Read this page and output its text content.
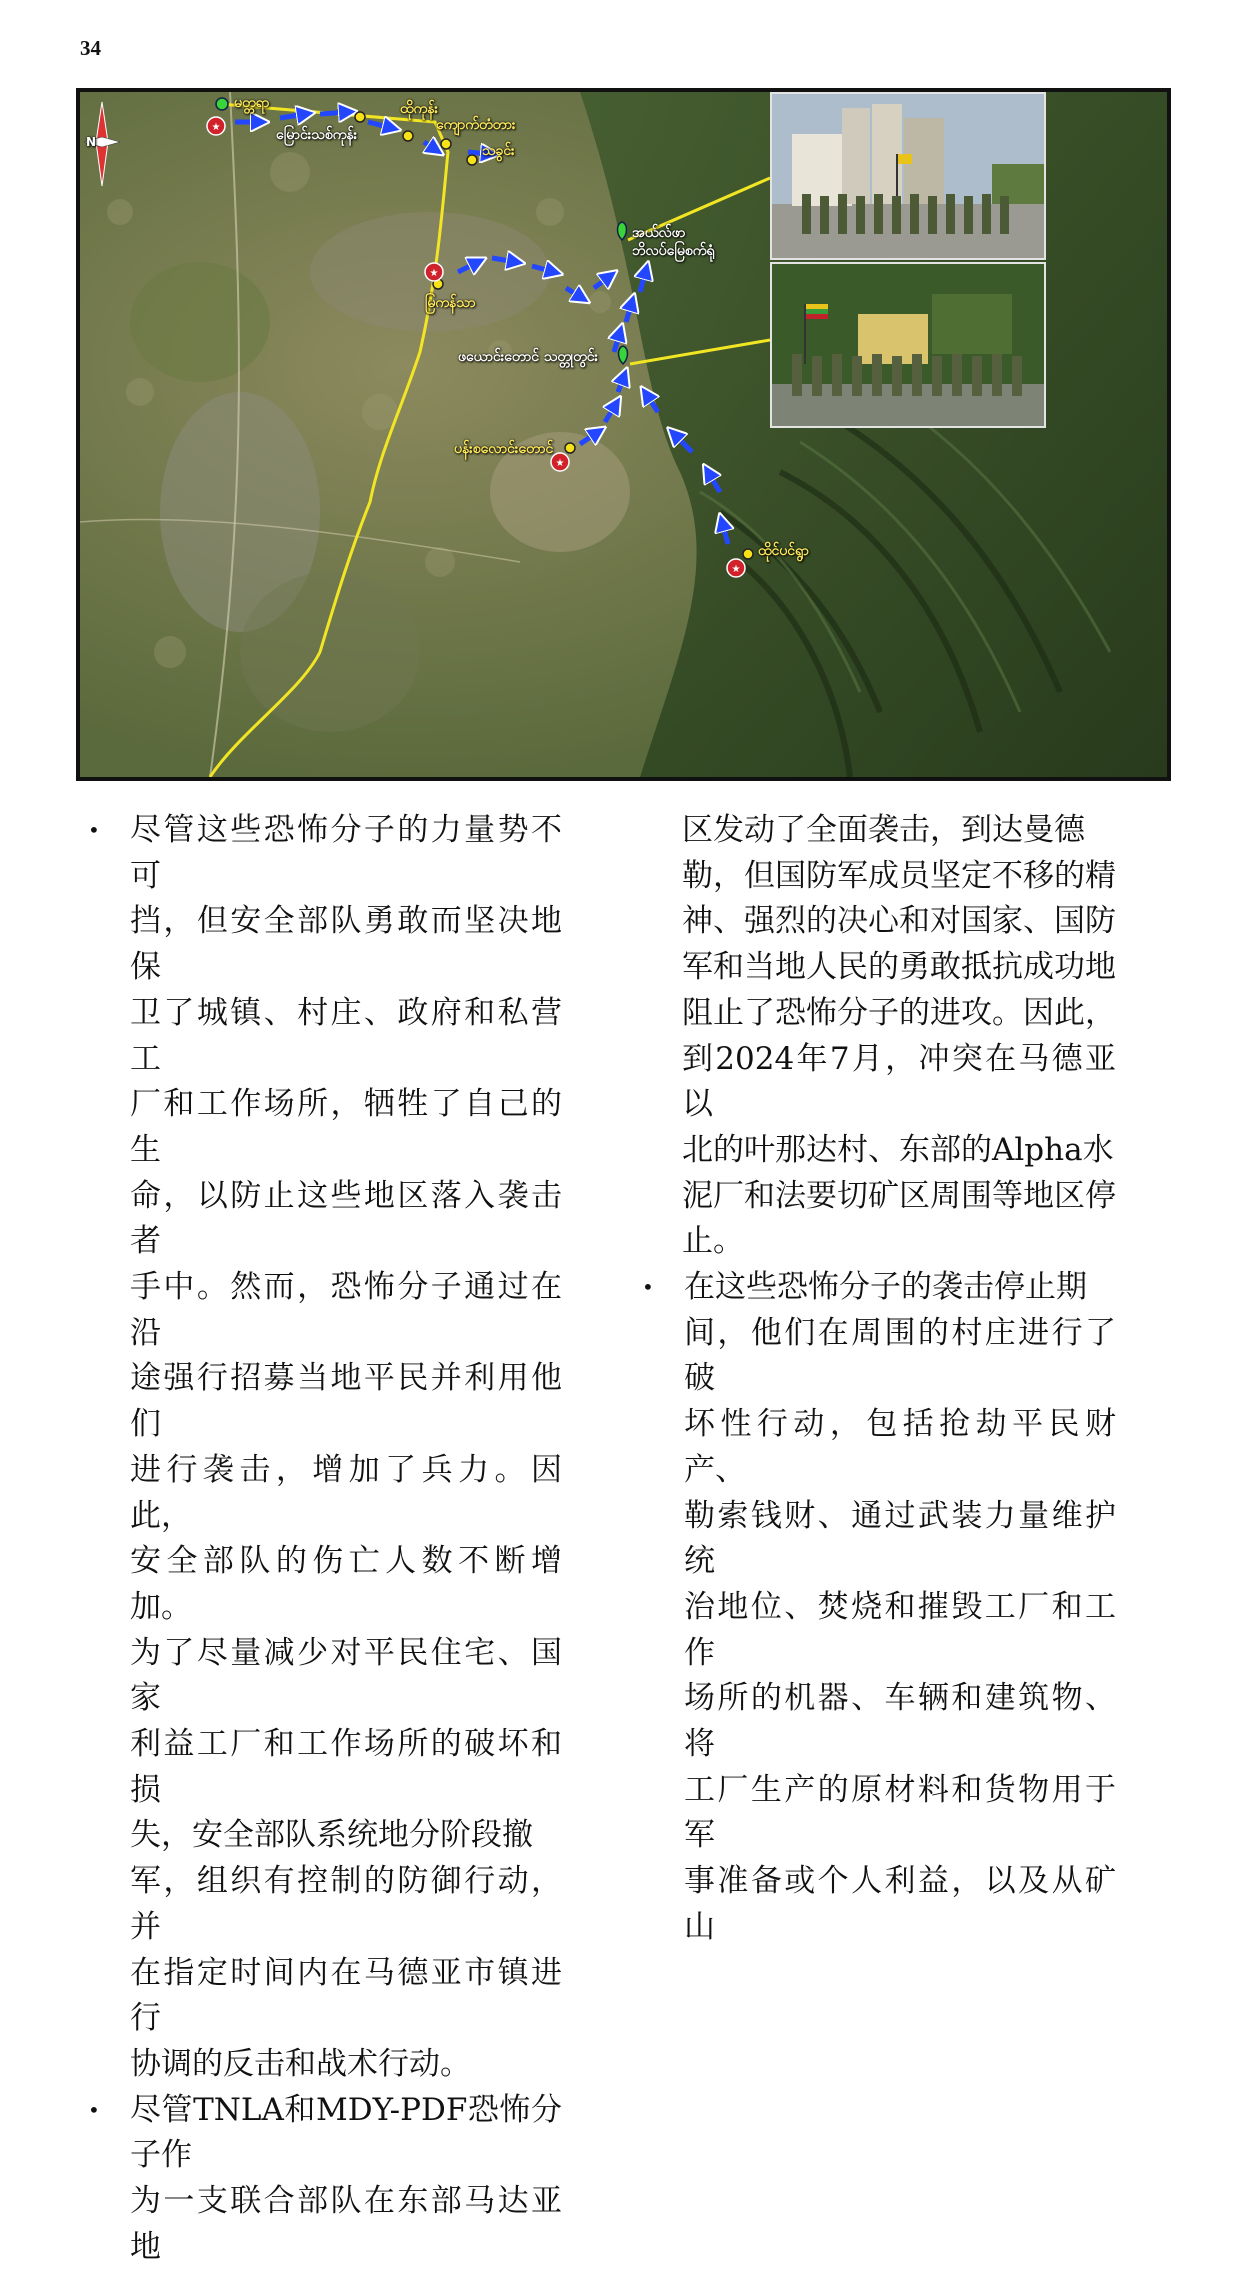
34
★
★
★
★
N
မတ္တရာ
မြောင်းသစ်ကုန်း
ထိုကုန်း
ကျောက်တံတား
သခွင်း
အယ်လ်ဖာ
ဘိလပ်မြေစက်ရုံ
မြကန်သာ
ဖယောင်းတောင် သတ္တုတွင်း
ပန်းစလောင်းတောင်
ထိုင်ပင်ရွာ
• 尽管这些恐怖分子的力量势不可
挡，但安全部队勇敢而坚决地保
卫了城镇、村庄、政府和私营工
厂和工作场所，牺牲了自己的生
命，以防止这些地区落入袭击者
手中。然而，恐怖分子通过在沿
途强行招募当地平民并利用他们
进行袭击，增加了兵力。因此，
安全部队的伤亡人数不断增加。
为了尽量减少对平民住宅、国家
利益工厂和工作场所的破坏和损
失，安全部队系统地分阶段撤
军，组织有控制的防御行动，并
在指定时间内在马德亚市镇进行
协调的反击和战术行动。
• 尽管TNLA和MDY-PDF恐怖分子作
为一支联合部队在东部马达亚地
区发动了全面袭击，到达曼德
勒，但国防军成员坚定不移的精
神、强烈的决心和对国家、国防
军和当地人民的勇敢抵抗成功地
阻止了恐怖分子的进攻。因此，
到2024年7月，冲突在马德亚以
北的叶那达村、东部的Alpha水
泥厂和法要切矿区周围等地区停
止。
• 在这些恐怖分子的袭击停止期
间，他们在周围的村庄进行了破
坏性行动，包括抢劫平民财产、
勒索钱财、通过武装力量维护统
治地位、焚烧和摧毁工厂和工作
场所的机器、车辆和建筑物、将
工厂生产的原材料和货物用于军
事准备或个人利益，以及从矿山
